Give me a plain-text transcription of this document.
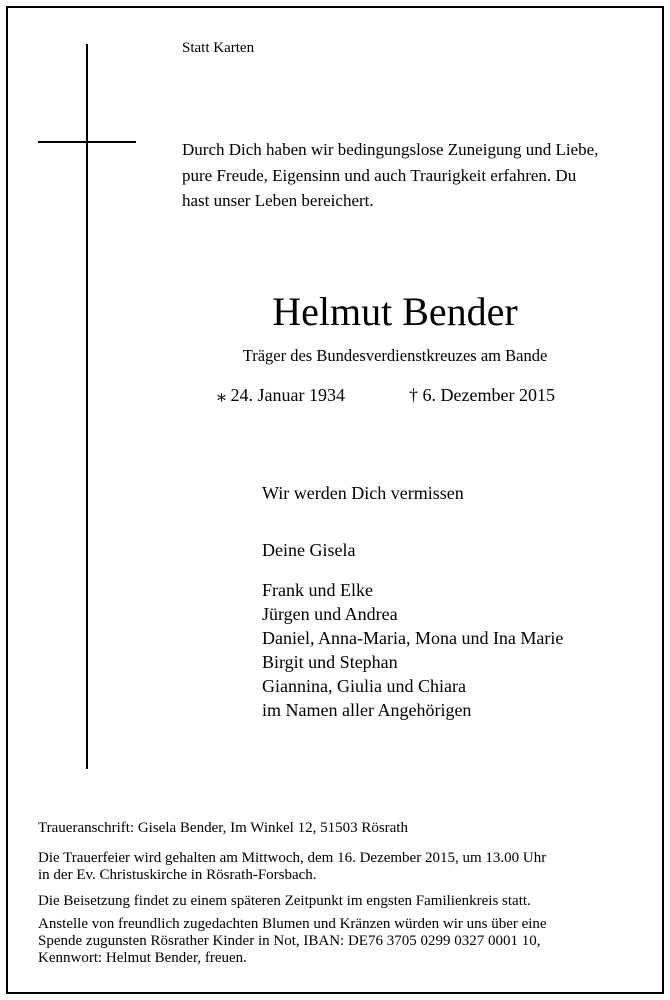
Statt Karten
Durch Dich haben wir bedingungslose Zuneigung und Liebe,
pure Freude, Eigensinn und auch Traurigkeit erfahren. Du
hast unser Leben bereichert.
Helmut Bender
Träger des Bundesverdienstkreuzes am Bande
⁎ 24. Januar 1934	† 6. Dezember 2015
Wir werden Dich vermissen
Deine Gisela
Frank und Elke
Jürgen und Andrea
Daniel, Anna-Maria, Mona und Ina Marie
Birgit und Stephan
Giannina, Giulia und Chiara
im Namen aller Angehörigen
Traueranschrift: Gisela Bender, Im Winkel 12, 51503 Rösrath
Die Trauerfeier wird gehalten am Mittwoch, dem 16. Dezember 2015, um 13.00 Uhr
in der Ev. Christuskirche in Rösrath-Forsbach.
Die Beisetzung findet zu einem späteren Zeitpunkt im engsten Familienkreis statt.
Anstelle von freundlich zugedachten Blumen und Kränzen würden wir uns über eine
Spende zugunsten Rösrather Kinder in Not, IBAN: DE76 3705 0299 0327 0001 10,
Kennwort: Helmut Bender, freuen.
